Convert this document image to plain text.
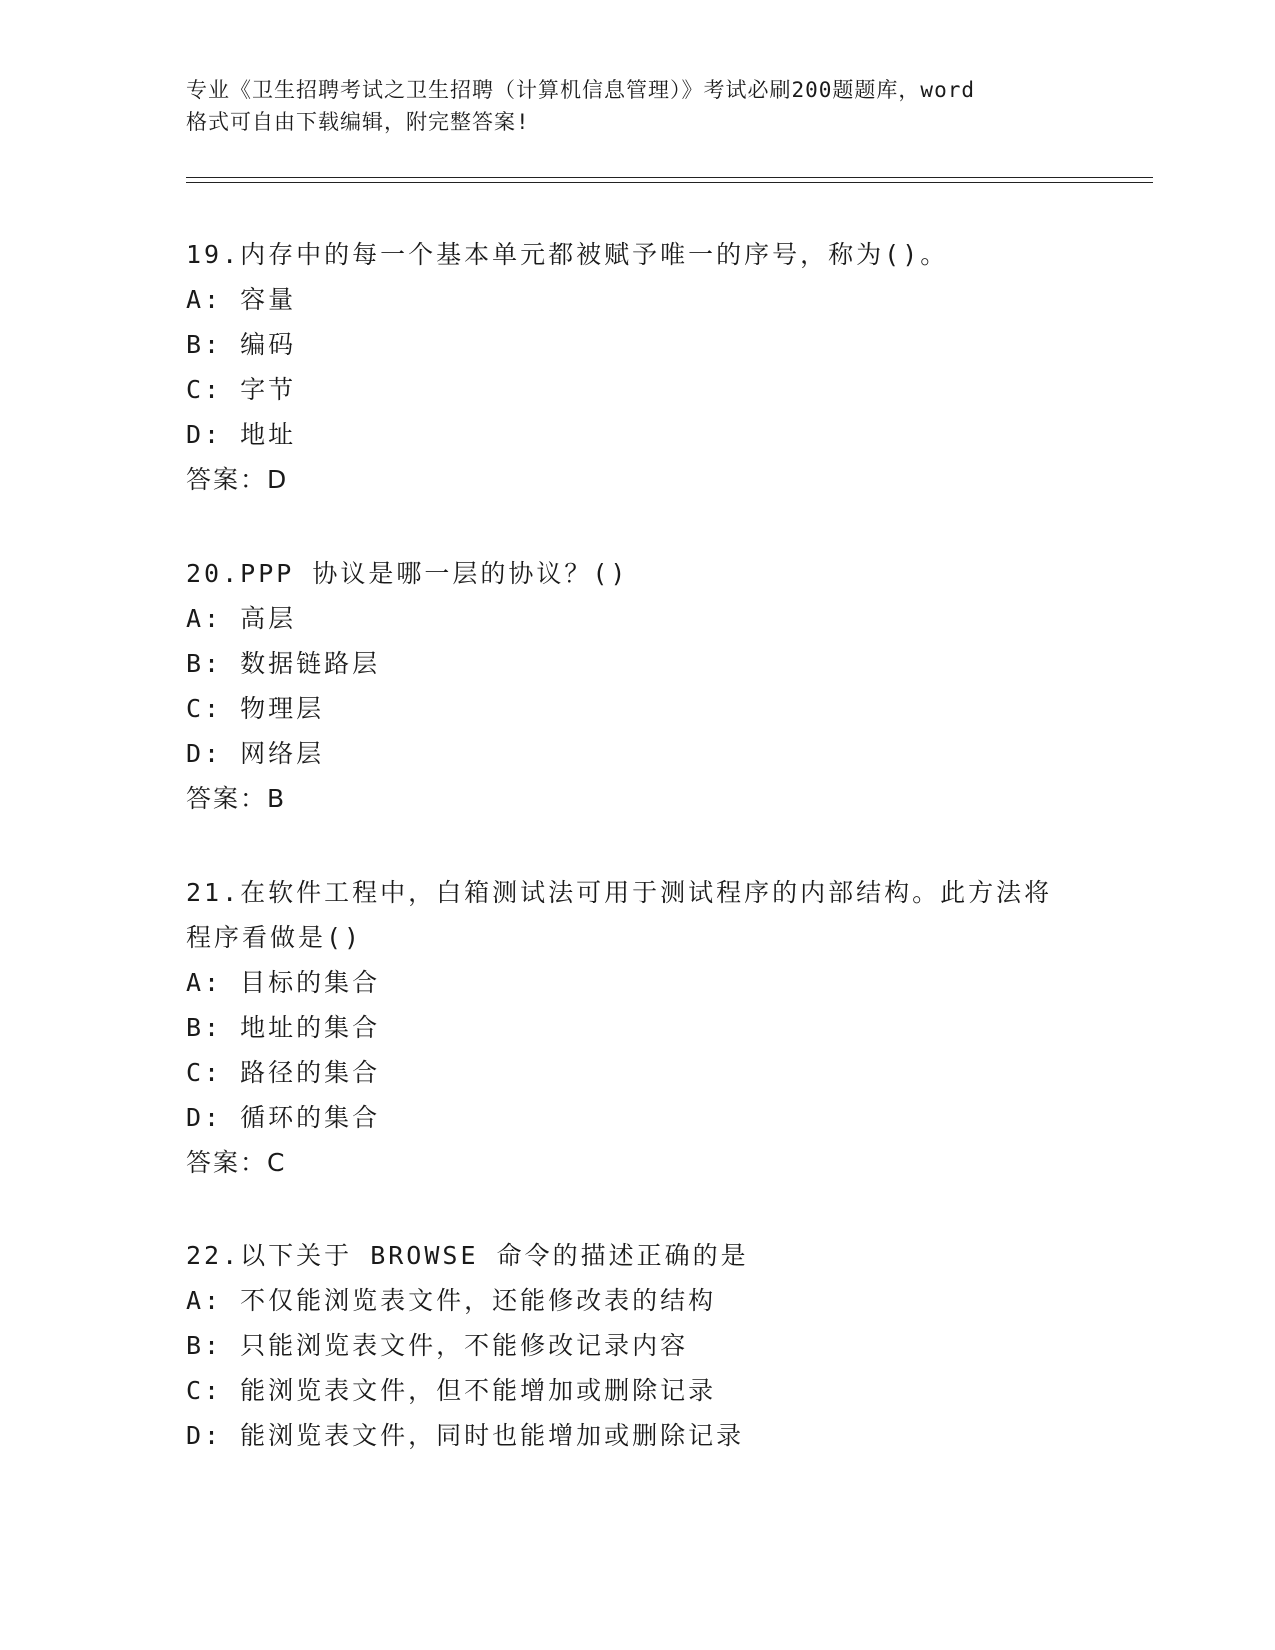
专业《卫生招聘考试之卫生招聘（计算机信息管理）》考试必刷200题题库，word
格式可自由下载编辑，附完整答案!

19.内存中的每一个基本单元都被赋予唯一的序号，称为()。

A: 容量

B: 编码

C: 字节

D: 地址

答案：D

20.PPP 协议是哪一层的协议？()

A: 高层

B: 数据链路层

C: 物理层

D: 网络层

答案：B

21.在软件工程中，白箱测试法可用于测试程序的内部结构。此方法将

程序看做是()

A: 目标的集合

B: 地址的集合

C: 路径的集合

D: 循环的集合

答案：C

22.以下关于 BROWSE 命令的描述正确的是

A: 不仅能浏览表文件，还能修改表的结构

B: 只能浏览表文件，不能修改记录内容

C: 能浏览表文件，但不能增加或删除记录

D: 能浏览表文件，同时也能增加或删除记录
